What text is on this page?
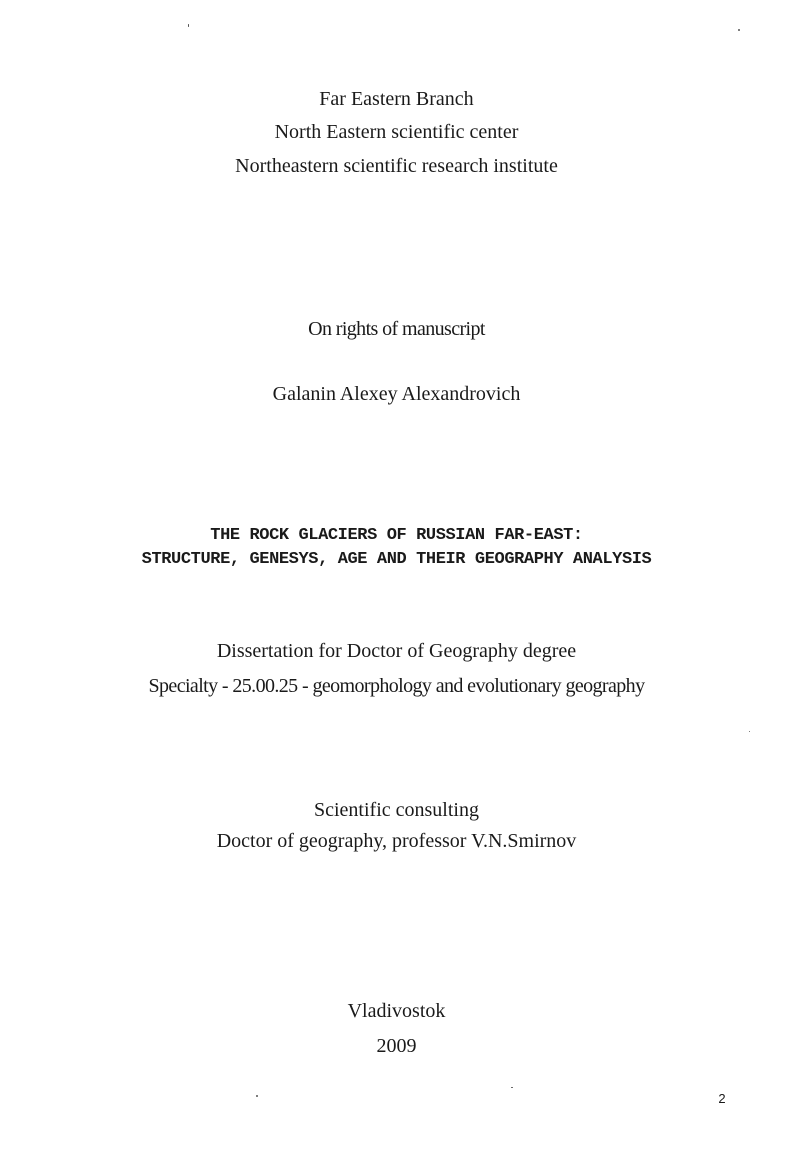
Far Eastern Branch
North Eastern scientific center
Northeastern scientific research institute
On rights of manuscript
Galanin Alexey Alexandrovich
THE ROCK GLACIERS OF RUSSIAN FAR-EAST:
STRUCTURE, GENESYS, AGE AND THEIR GEOGRAPHY ANALYSIS
Dissertation for Doctor of Geography degree
Specialty - 25.00.25 - geomorphology and evolutionary geography
Scientific consulting
Doctor of geography, professor V.N.Smirnov
Vladivostok
2009
2
